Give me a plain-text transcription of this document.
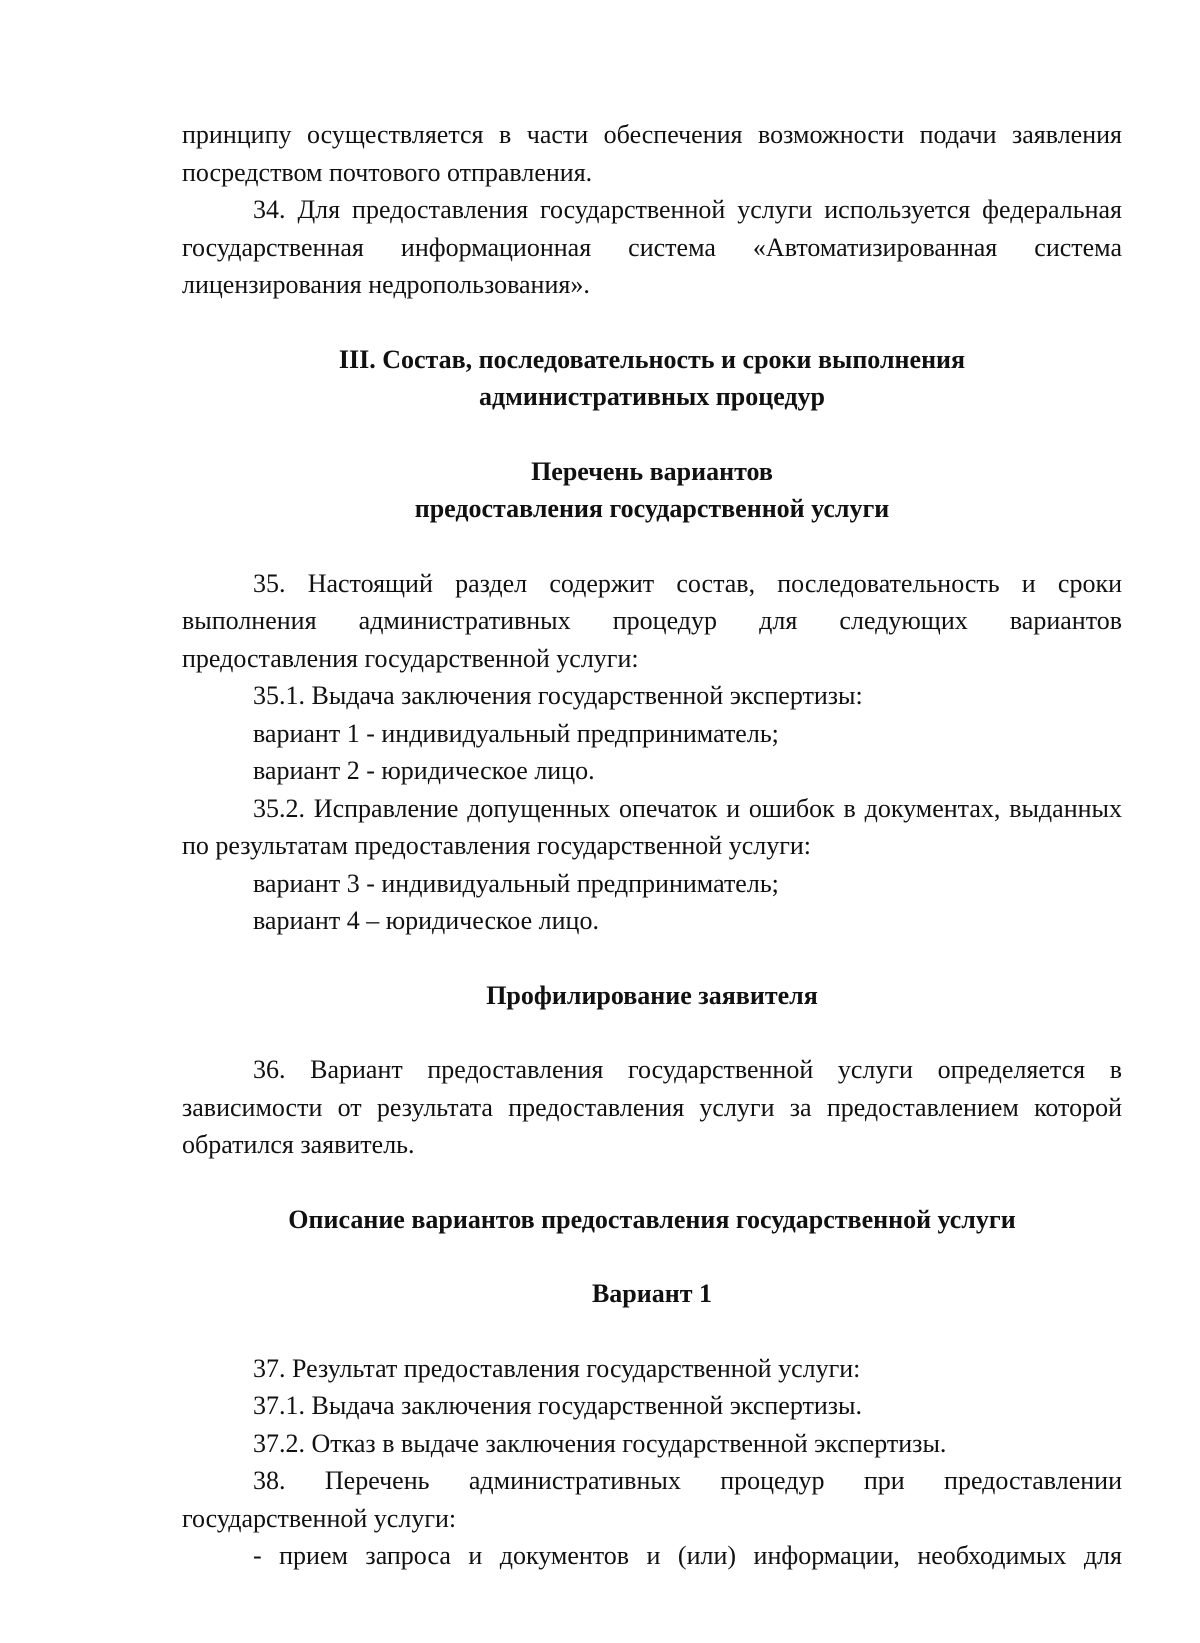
принципу осуществляется в части обеспечения возможности подачи заявления посредством почтового отправления.

34. Для предоставления государственной услуги используется федеральная государственная информационная система «Автоматизированная система лицензирования недропользования».

III. Состав, последовательность и сроки выполнения

административных процедур

Перечень вариантов

предоставления государственной услуги

35. Настоящий раздел содержит состав, последовательность и сроки выполнения административных процедур для следующих вариантов предоставления государственной услуги:

35.1. Выдача заключения государственной экспертизы:

вариант 1 - индивидуальный предприниматель;

вариант 2 - юридическое лицо.

35.2. Исправление допущенных опечаток и ошибок в документах, выданных по результатам предоставления государственной услуги:

вариант 3 - индивидуальный предприниматель;

вариант 4 – юридическое лицо.

Профилирование заявителя

36. Вариант предоставления государственной услуги определяется в зависимости от результата предоставления услуги за предоставлением которой обратился заявитель.

Описание вариантов предоставления государственной услуги

Вариант 1

37. Результат предоставления государственной услуги:

37.1. Выдача заключения государственной экспертизы.

37.2. Отказ в выдаче заключения государственной экспертизы.

38. Перечень административных процедур при предоставлении государственной услуги:

- прием запроса и документов и (или) информации, необходимых для
